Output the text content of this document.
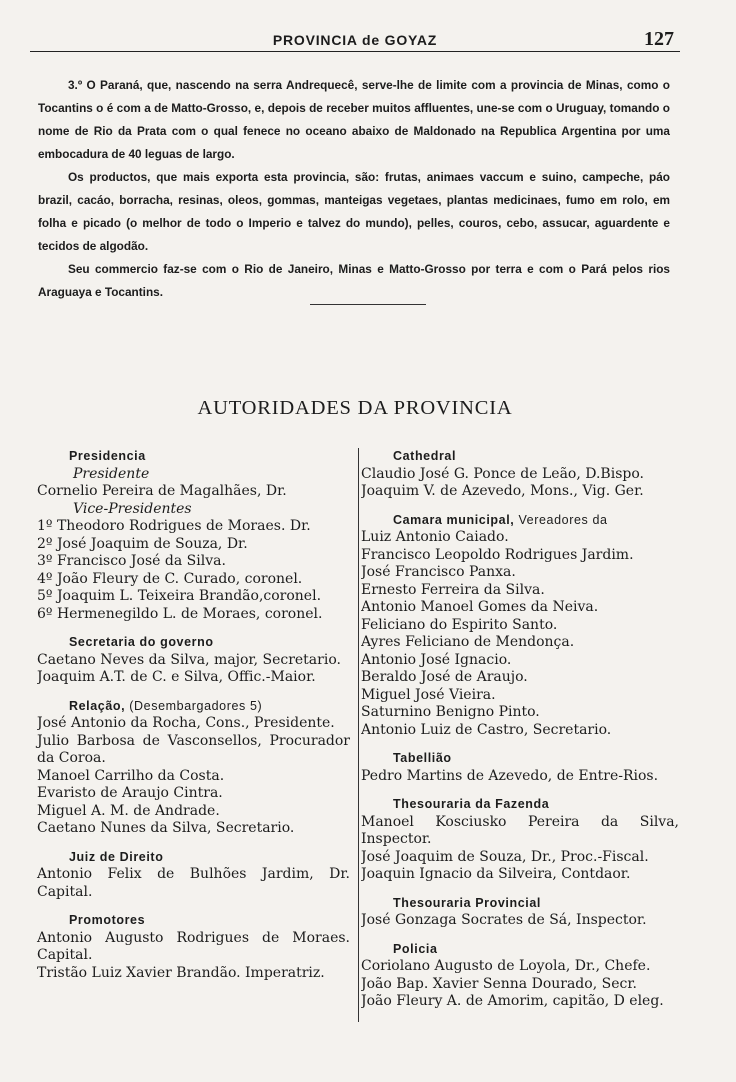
PROVINCIA de GOYAZ	127

3.º O Paraná, que, nascendo na serra Andrequecê, serve-lhe de limite com a provincia de Minas, como o Tocantins o é com a de Matto-Grosso, e, depois de receber muitos affluentes, une-se com o Uruguay, tomando o nome de Rio da Prata com o qual fenece no oceano abaixo de Maldonado na Republica Argentina por uma embocadura de 40 leguas de largo.

Os productos, que mais exporta esta provincia, são: frutas, animaes vaccum e suino, campeche, páo brazil, cacáo, borracha, resinas, oleos, gommas, manteigas vegetaes, plantas medicinaes, fumo em rolo, em folha e picado (o melhor de todo o Imperio e talvez do mundo), pelles, couros, cebo, assucar, aguardente e tecidos de algodão.

Seu commercio faz-se com o Rio de Janeiro, Minas e Matto-Grosso por terra e com o Pará pelos rios Araguaya e Tocantins.

AUTORIDADES DA PROVINCIA
Presidencia
Presidente
Cornelio Pereira de Magalhães, Dr.
Vice-Presidentes
1º Theodoro Rodrigues de Moraes. Dr.
2º José Joaquim de Souza, Dr.
3º Francisco José da Silva.
4º João Fleury de C. Curado, coronel.
5º Joaquim L. Teixeira Brandão,coronel.
6º Hermenegildo L. de Moraes, coronel.
Secretaria do governo
Caetano Neves da Silva, major, Secretario.
Joaquim A.T. de C. e Silva, Offic.-Maior.
Relação, (Desembargadores 5)
José Antonio da Rocha, Cons., Presidente.
Julio Barbosa de Vasconsellos, Procurador da Coroa.
Manoel Carrilho da Costa.
Evaristo de Araujo Cintra.
Miguel A. M. de Andrade.
Caetano Nunes da Silva, Secretario.
Juiz de Direito
Antonio Felix de Bulhões Jardim, Dr. Capital.
Promotores
Antonio Augusto Rodrigues de Moraes. Capital.
Tristão Luiz Xavier Brandão. Imperatriz.
Cathedral
Claudio José G. Ponce de Leão, D.Bispo.
Joaquim V. de Azevedo, Mons., Vig. Ger.
Camara municipal, Vereadores da
Luiz Antonio Caiado.
Francisco Leopoldo Rodrigues Jardim.
José Francisco Panxa.
Ernesto Ferreira da Silva.
Antonio Manoel Gomes da Neiva.
Feliciano do Espirito Santo.
Ayres Feliciano de Mendonça.
Antonio José Ignacio.
Beraldo José de Araujo.
Miguel José Vieira.
Saturnino Benigno Pinto.
Antonio Luiz de Castro, Secretario.
Tabellião
Pedro Martins de Azevedo, de Entre-Rios.
Thesouraria da Fazenda
Manoel Kosciusko Pereira da Silva, Inspector.
José Joaquim de Souza, Dr., Proc.-Fiscal.
Joaquin Ignacio da Silveira, Contdaor.
Thesouraria Provincial
José Gonzaga Socrates de Sá, Inspector.
Policia
Coriolano Augusto de Loyola, Dr., Chefe.
João Bap. Xavier Senna Dourado, Secr.
João Fleury A. de Amorim, capitão, D eleg.
